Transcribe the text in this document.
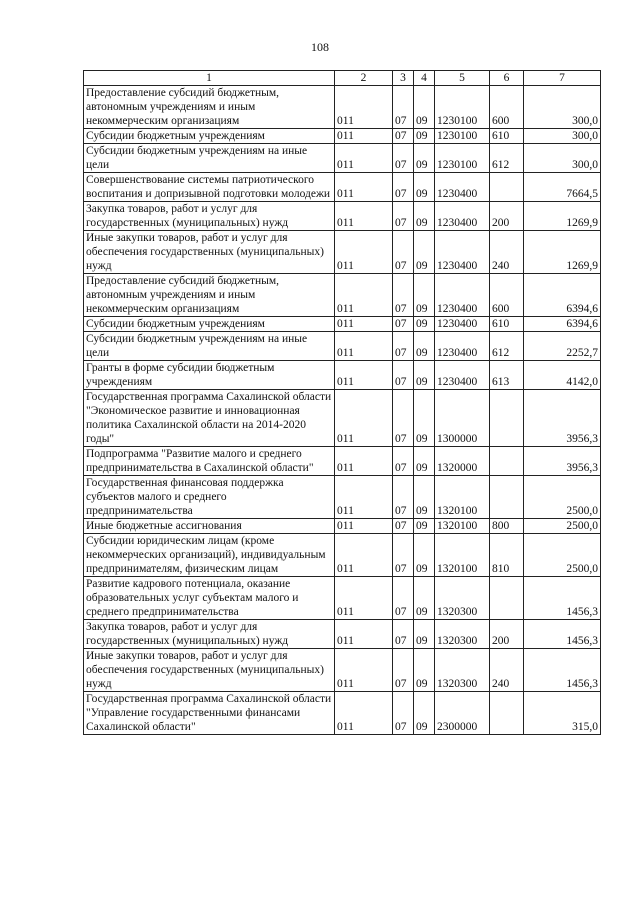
108
1	2	3	4	5	6	7
Предоставление субсидий бюджетным, автономным учреждениям и иным некоммерческим организациям	011	07	09	1230100	600	300,0
Субсидии бюджетным учреждениям	011	07	09	1230100	610	300,0
Субсидии бюджетным учреждениям на иные цели	011	07	09	1230100	612	300,0
Совершенствование системы патриотического воспитания и допризывной подготовки молодежи	011	07	09	1230400		7664,5
Закупка товаров, работ и услуг для государственных (муниципальных) нужд	011	07	09	1230400	200	1269,9
Иные закупки товаров, работ и услуг для обеспечения государственных (муниципальных) нужд	011	07	09	1230400	240	1269,9
Предоставление субсидий бюджетным, автономным учреждениям и иным некоммерческим организациям	011	07	09	1230400	600	6394,6
Субсидии бюджетным учреждениям	011	07	09	1230400	610	6394,6
Субсидии бюджетным учреждениям на иные цели	011	07	09	1230400	612	2252,7
Гранты в форме субсидии бюджетным учреждениям	011	07	09	1230400	613	4142,0
Государственная программа Сахалинской области "Экономическое развитие и инновационная политика Сахалинской области на 2014-2020 годы"	011	07	09	1300000		3956,3
Подпрограмма "Развитие малого и среднего предпринимательства в Сахалинской области"	011	07	09	1320000		3956,3
Государственная финансовая поддержка субъектов малого и среднего предпринимательства	011	07	09	1320100		2500,0
Иные бюджетные ассигнования	011	07	09	1320100	800	2500,0
Субсидии юридическим лицам (кроме некоммерческих организаций), индивидуальным предпринимателям, физическим лицам	011	07	09	1320100	810	2500,0
Развитие кадрового потенциала, оказание образовательных услуг субъектам малого и среднего предпринимательства	011	07	09	1320300		1456,3
Закупка товаров, работ и услуг для государственных (муниципальных) нужд	011	07	09	1320300	200	1456,3
Иные закупки товаров, работ и услуг для обеспечения государственных (муниципальных) нужд	011	07	09	1320300	240	1456,3
Государственная программа Сахалинской области "Управление государственными финансами Сахалинской области"	011	07	09	2300000		315,0
